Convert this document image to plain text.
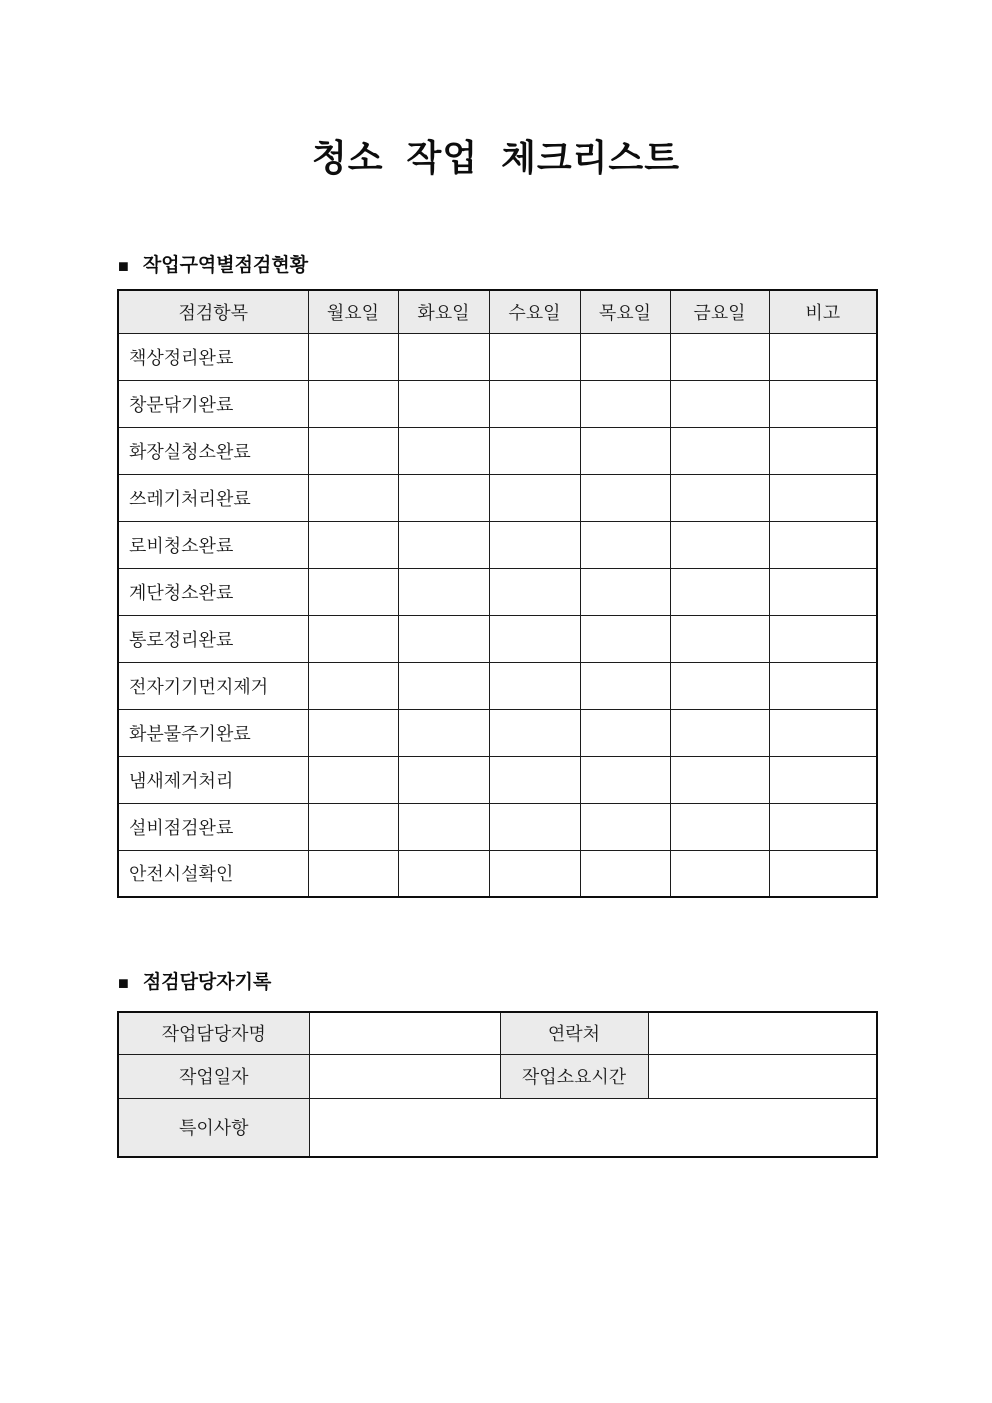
청소 작업 체크리스트
■ 작업구역별점검현황
점검항목	월요일	화요일	수요일	목요일	금요일	비고
책상정리완료						
창문닦기완료						
화장실청소완료						
쓰레기처리완료						
로비청소완료						
계단청소완료						
통로정리완료						
전자기기먼지제거						
화분물주기완료						
냄새제거처리						
설비점검완료						
안전시설확인						
■ 점검담당자기록
작업담당자명		연락처	
작업일자		작업소요시간	
특이사항			
